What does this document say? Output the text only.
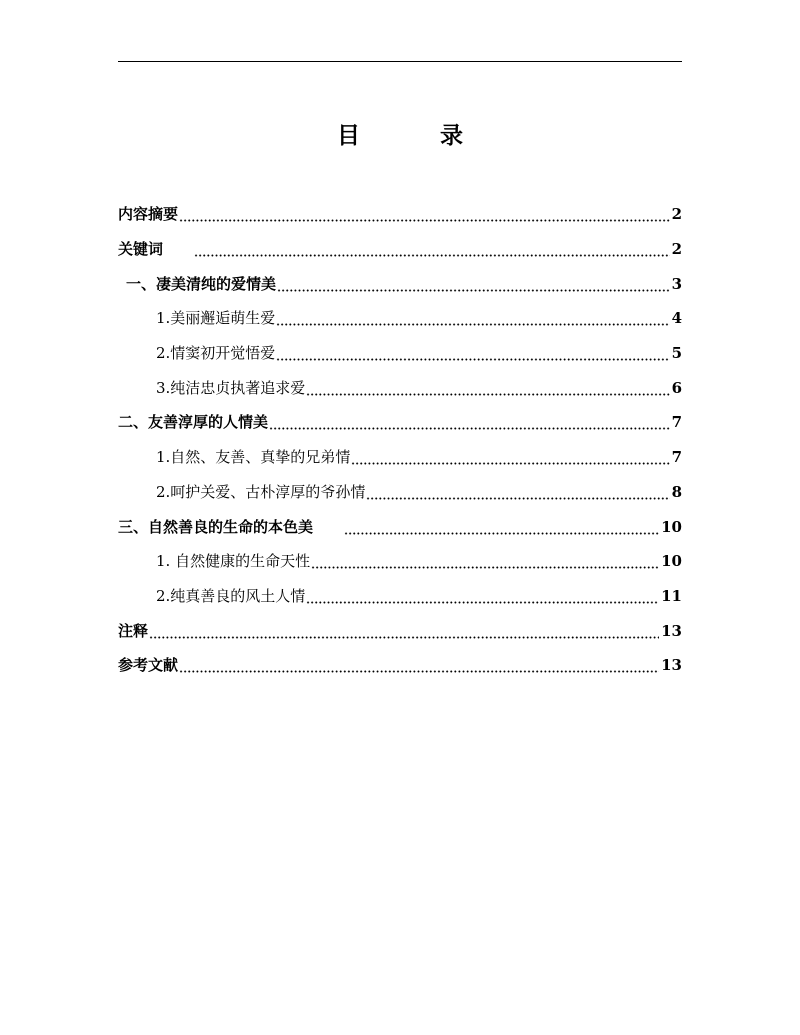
目 录
内容摘要	2
关键词	2
一、凄美清纯的爱情美	3
1.美丽邂逅萌生爱	4
2.情窦初开觉悟爱	5
3.纯洁忠贞执著追求爱	6
二、友善淳厚的人情美	7
1.自然、友善、真挚的兄弟情	7
2.呵护关爱、古朴淳厚的爷孙情	8
三、自然善良的生命的本色美	10
1. 自然健康的生命天性	10
2.纯真善良的风土人情	11
注释	13
参考文献	13
